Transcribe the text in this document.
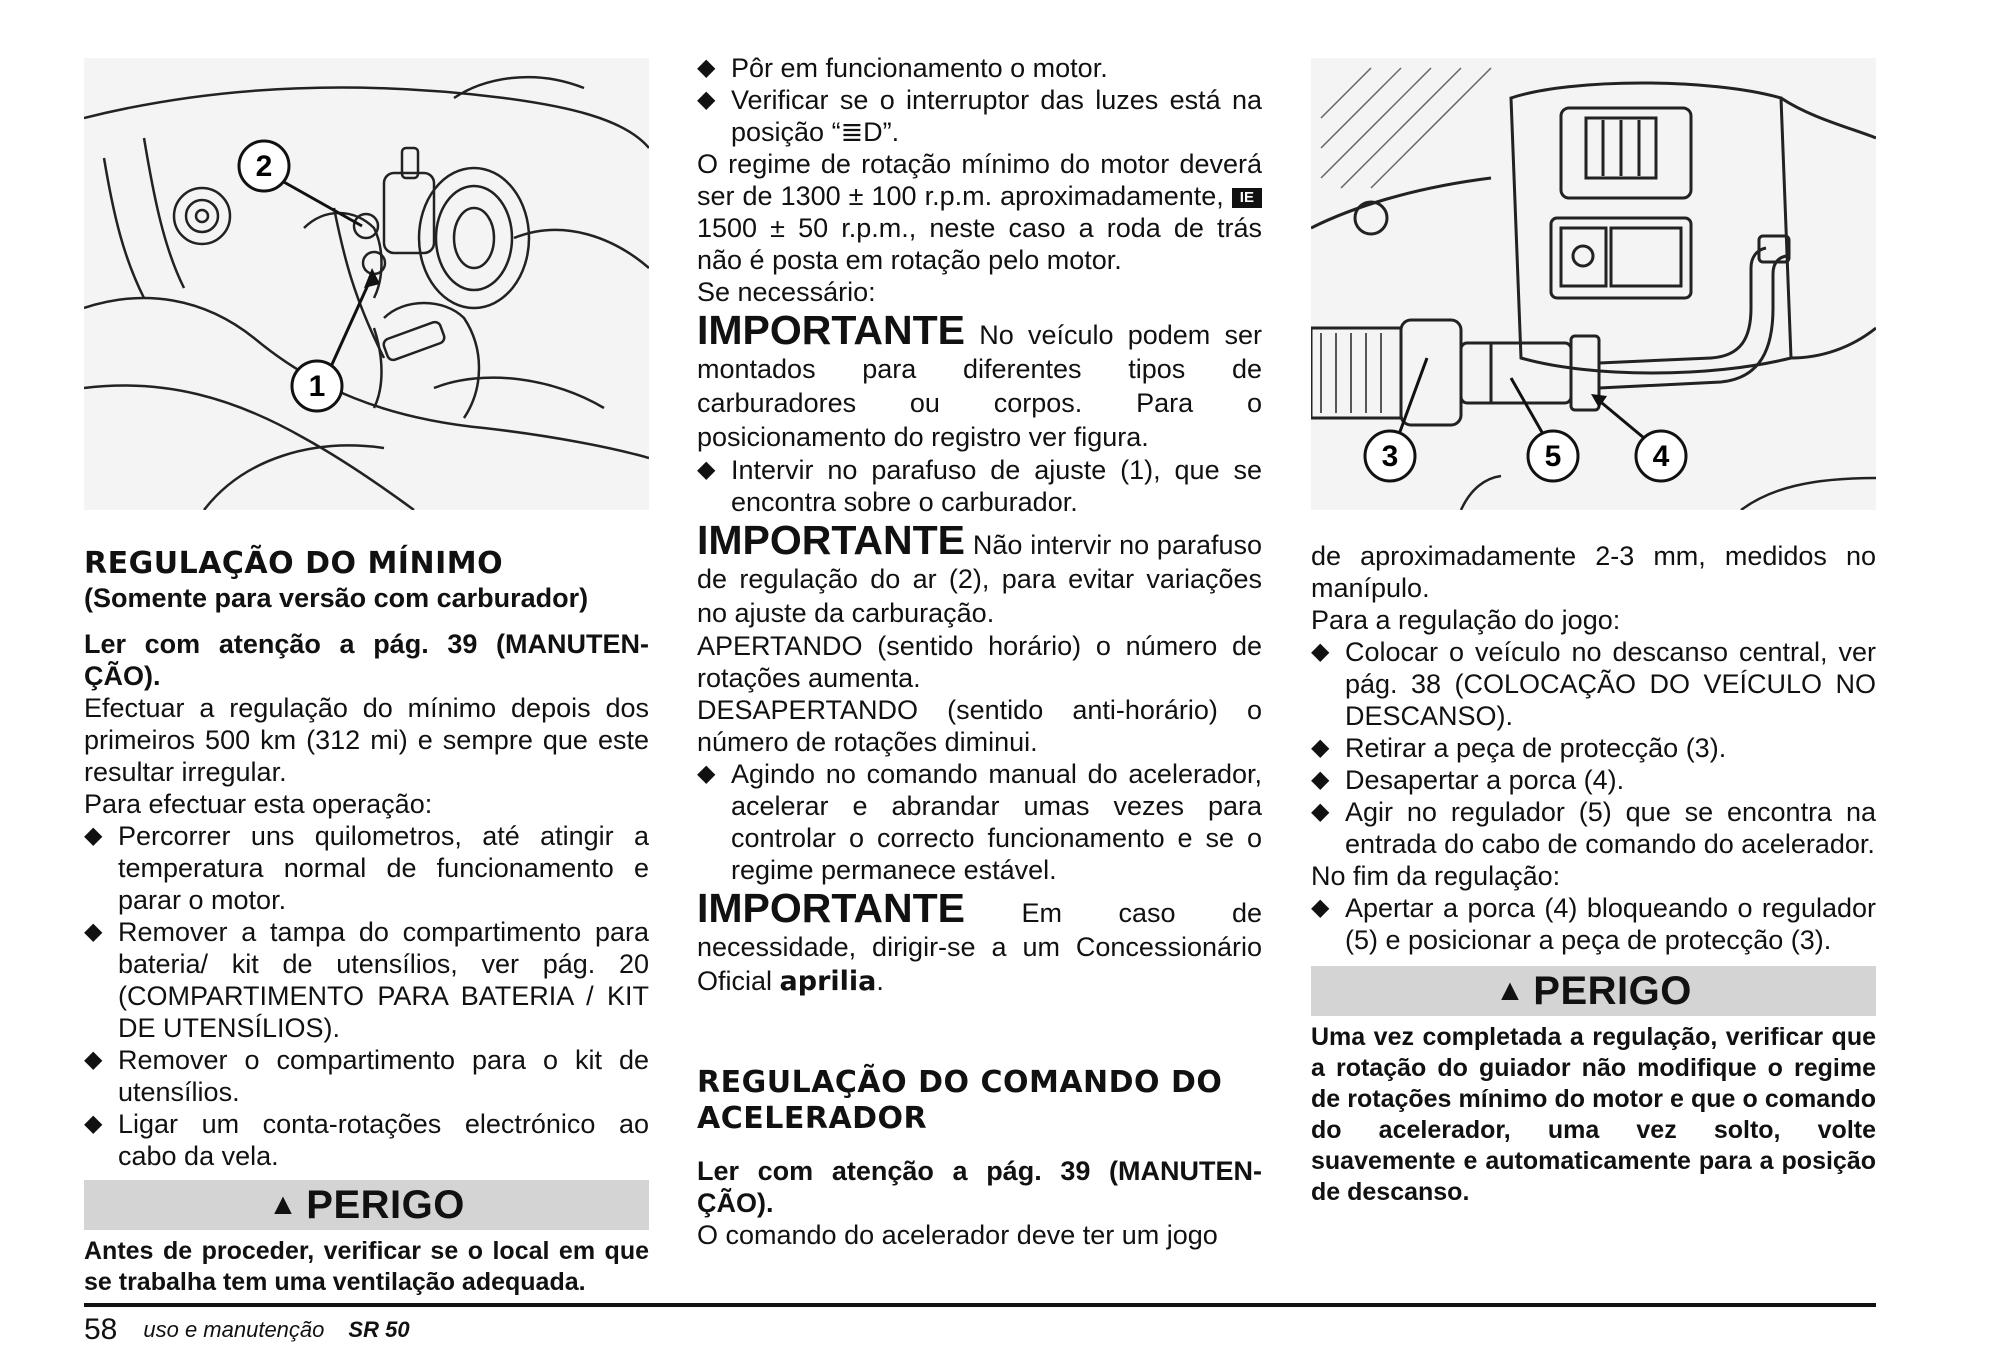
2
1
REGULAÇÃO DO MÍNIMO

(Somente para versão com carburador)

Ler com atenção a pág. 39 (MANUTEN-ÇÃO).

Efectuar a regulação do mínimo depois dos primeiros 500 km (312 mi) e sempre que este resultar irregular.

Para efectuar esta operação:

◆ Percorrer uns quilometros, até atingir a temperatura normal de funcionamento e parar o motor.
◆ Remover a tampa do compartimento para bateria/ kit de utensílios, ver pág. 20 (COMPARTIMENTO PARA BATERIA / KIT DE UTENSÍLIOS).
◆ Remover o compartimento para o kit de utensílios.
◆ Ligar um conta-rotações electrónico ao cabo da vela.
▲ PERIGO

Antes de proceder, verificar se o local em que se trabalha tem uma ventilação adequada.

◆ Pôr em funcionamento o motor.
◆ Verificar se o interruptor das luzes está na posição “≣D”.

O regime de rotação mínimo do motor deverá ser de 1300 ± 100 r.p.m. aproximadamente, IE 1500 ± 50 r.p.m., neste caso a roda de trás não é posta em rotação pelo motor.

Se necessário:

IMPORTANTE No veículo podem ser montados para diferentes tipos de carburadores ou corpos. Para o posicionamento do registro ver figura.

◆ Intervir no parafuso de ajuste (1), que se encontra sobre o carburador.

IMPORTANTE Não intervir no parafuso de regulação do ar (2), para evitar variações no ajuste da carburação.

APERTANDO (sentido horário) o número de rotações aumenta.

DESAPERTANDO (sentido anti-horário) o número de rotações diminui.

◆ Agindo no comando manual do acelerador, acelerar e abrandar umas vezes para controlar o correcto funcionamento e se o regime permanece estável.

IMPORTANTE Em caso de necessidade, dirigir-se a um Concessionário Oficial aprilia.

REGULAÇÃO DO COMANDO DO ACELERADOR

Ler com atenção a pág. 39 (MANUTEN-ÇÃO).

O comando do acelerador deve ter um jogo

3	5	4

de aproximadamente 2-3 mm, medidos no manípulo.

Para a regulação do jogo:

◆ Colocar o veículo no descanso central, ver pág. 38 (COLOCAÇÃO DO VEÍCULO NO DESCANSO).
◆ Retirar a peça de protecção (3).
◆ Desapertar a porca (4).
◆ Agir no regulador (5) que se encontra na entrada do cabo de comando do acelerador.

No fim da regulação:

◆ Apertar a porca (4) bloqueando o regulador (5) e posicionar a peça de protecção (3).
▲ PERIGO

Uma vez completada a regulação, verificar que a rotação do guiador não modifique o regime de rotações mínimo do motor e que o comando do acelerador, uma vez solto, volte suavemente e automaticamente para a posição de descanso.

58 uso e manutenção SR 50
